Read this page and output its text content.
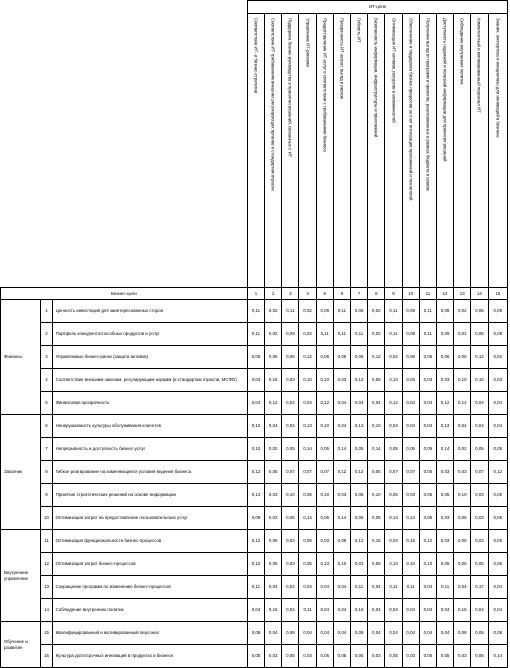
			ИТ-цели														

			Соответствие ИТ- и бизнес-стратегии	Соответствие ИТ требованиям внешних регулирующих органов и стандартам отрасли	Поддержка бизнес-руководства в принятии решений, связанных с ИТ	Управление ИТ-рисками	Предоставление ИТ-услуг в соответствии с требованиями бизнеса	Прозрачность ИТ-затрат, выгод и рисков	Гибкость ИТ	Безопасность информации, инфраструктуры и приложений	Оптимизация ИТ-активов, ресурсов и возможностей	Обеспечение и поддержка бизнес-процессов за счет интеграции приложений и технологий	Получение выгод от программ и проектов, реализованных в рамках бюджета и сроков	Доступность надежной и полезной информации для принятия решений	Соблюдение внутренних политик	Компетентный и мотивированный персонал ИТ	Знания, экспертиза и инициативы для инноваций в бизнесе

Бизнес-цели			1	2	3	4	5	6	7	8	9	10	11	12	13	14	15
Финансы	1	Ценность инвестиций для заинтересованных сторон	0,11	0,02	0,11	0,02	0,09	0,11	0,06	0,02	0,11	0,09	0,11	0,09	0,02	0,05	0,09
	2	Портфель конкурентоспособных продуктов и услуг	0,11	0,02	0,09	0,02	0,11	0,11	0,11	0,02	0,11	0,09	0,11	0,09	0,02	0,05	0,09
	3	Управляемые бизнес-риски (защита активов)	0,06	0,06	0,06	0,12	0,06	0,06	0,06	0,12	0,02	0,06	0,06	0,06	0,06	0,12	0,02
	4	Соответствие внешним законам, регулирующим нормам (и стандартам отрасли, МСФО)	0,03	0,15	0,03	0,10	0,10	0,03	0,10	0,05	0,13	0,03	0,03	0,03	0,10	0,10	0,03
	5	Финансовая прозрачность	0,04	0,12	0,04	0,04	0,12	0,04	0,04	0,04	0,12	0,04	0,04	0,12	0,12	0,04	0,04
Заказчик	6	Ненарушаемость культуры обслуживания клиентов	0,10	0,04	0,04	0,13	0,10	0,04	0,13	0,10	0,04	0,04	0,04	0,13	0,04	0,04	0,04
	7	Непрерывность и доступность бизнес-услуг	0,10	0,02	0,05	0,14	0,05	0,14	0,05	0,14	0,05	0,05	0,05	0,14	0,02	0,05	0,05
	8	Гибкое реагирование на изменяющиеся условия ведения бизнеса	0,12	0,05	0,07	0,07	0,07	0,12	0,12	0,05	0,07	0,07	0,05	0,03	0,03	0,07	0,12
	9	Принятие стратегических решений на основе информации	0,13	0,03	0,10	0,05	0,10	0,03	0,05	0,10	0,05	0,03	0,05	0,05	0,10	0,03	0,05
	10	Оптимизация затрат на предоставление пользовательских услуг	0,09	0,03	0,05	0,14	0,05	0,14	0,05	0,05	0,14	0,14	0,05	0,03	0,05	0,03	0,05
Внутренние управление	11	Оптимизация функциональности бизнес-процессов	0,12	0,05	0,03	0,05	0,03	0,05	0,12	0,15	0,03	0,15	0,12	0,03	0,05	0,03	0,05
	12	Оптимизация затрат бизнес-процессов	0,10	0,05	0,03	0,05	0,13	0,10	0,03	0,05	0,13	0,10	0,10	0,05	0,05	0,05	0,05
	13	Сокращение программ по изменению бизнес-процессов	0,11	0,04	0,04	0,04	0,04	0,04	0,11	0,04	0,11	0,11	0,04	0,11	0,04	0,17	0,04
	14	Соблюдение внутренних политик	0,04	0,15	0,04	0,11	0,04	0,04	0,15	0,04	0,04	0,04	0,04	0,04	0,15	0,04	0,04
Обучение и развитие	15	Квалифицированный и мотивированный персонал	0,08	0,04	0,08	0,04	0,04	0,04	0,08	0,04	0,04	0,04	0,04	0,04	0,08	0,08	0,08
	16	Культура долгосрочных инноваций в продуктах и бизнесе	0,05	0,03	0,05	0,03	0,05	0,05	0,05	0,03	0,05	0,03	0,05	0,05	0,03	0,05	0,14
